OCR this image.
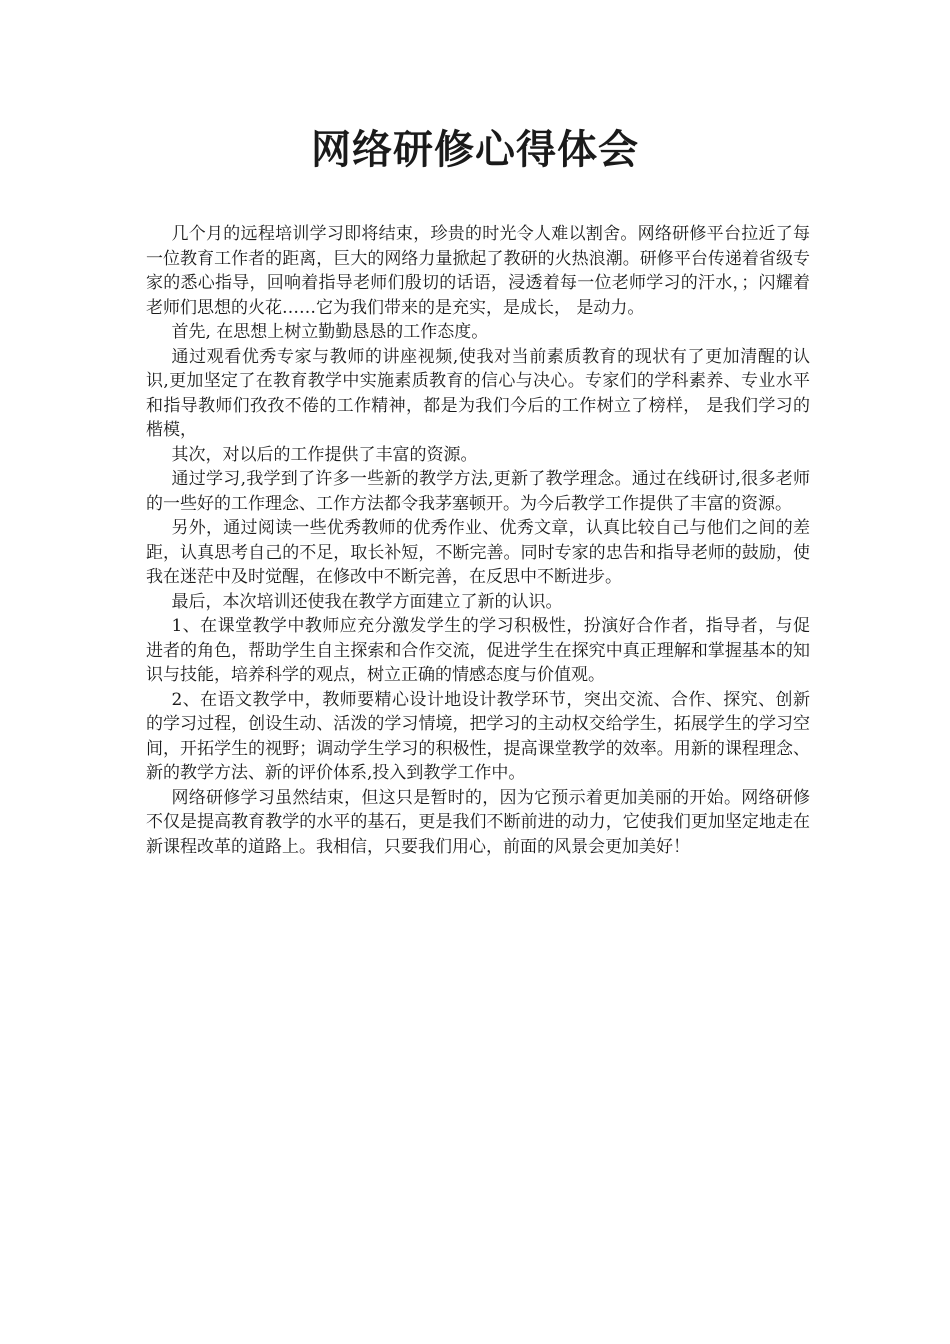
网络研修心得体会

几个月的远程培训学习即将结束，珍贵的时光令人难以割舍。网络研修平台拉近了每一位教育工作者的距离，巨大的网络力量掀起了教研的火热浪潮。研修平台传递着省级专家的悉心指导，回响着指导老师们殷切的话语，浸透着每一位老师学习的汗水，；闪耀着老师们思想的火花……它为我们带来的是充实，是成长， 是动力。

首先, 在思想上树立勤勤恳恳的工作态度。

通过观看优秀专家与教师的讲座视频,使我对当前素质教育的现状有了更加清醒的认识,更加坚定了在教育教学中实施素质教育的信心与决心。专家们的学科素养、专业水平和指导教师们孜孜不倦的工作精神，都是为我们今后的工作树立了榜样， 是我们学习的楷模，

其次，对以后的工作提供了丰富的资源。

通过学习,我学到了许多一些新的教学方法,更新了教学理念。通过在线研讨,很多老师的一些好的工作理念、工作方法都令我茅塞顿开。为今后教学工作提供了丰富的资源。

另外，通过阅读一些优秀教师的优秀作业、优秀文章，认真比较自己与他们之间的差距，认真思考自己的不足，取长补短，不断完善。同时专家的忠告和指导老师的鼓励，使我在迷茫中及时觉醒，在修改中不断完善，在反思中不断进步。

最后，本次培训还使我在教学方面建立了新的认识。

1、在课堂教学中教师应充分激发学生的学习积极性，扮演好合作者，指导者，与促进者的角色，帮助学生自主探索和合作交流，促进学生在探究中真正理解和掌握基本的知识与技能，培养科学的观点，树立正确的情感态度与价值观。

2、在语文教学中，教师要精心设计地设计教学环节，突出交流、合作、探究、创新的学习过程，创设生动、活泼的学习情境，把学习的主动权交给学生，拓展学生的学习空间，开拓学生的视野；调动学生学习的积极性，提高课堂教学的效率。用新的课程理念、新的教学方法、新的评价体系,投入到教学工作中。

网络研修学习虽然结束，但这只是暂时的，因为它预示着更加美丽的开始。网络研修不仅是提高教育教学的水平的基石，更是我们不断前进的动力，它使我们更加坚定地走在新课程改革的道路上。我相信，只要我们用心，前面的风景会更加美好！
